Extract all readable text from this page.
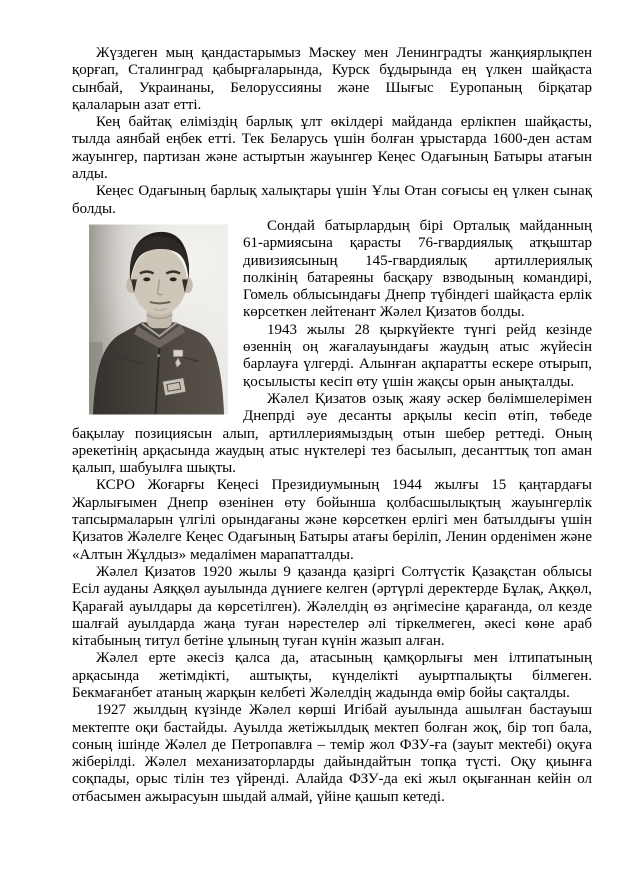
Жүздеген мың қандастарымыз Мәскеу мен Ленинградты жанқиярлықпен қорғап, Сталинград қабырғаларында, Курск бұдырында ең үлкен шайқаста сынбай, Украинаны, Белоруссияны және Шығыс Еуропаның бірқатар қалаларын азат етті.

Кең байтақ еліміздің барлық ұлт өкілдері майданда ерлікпен шайқасты, тылда аянбай еңбек етті. Тек Беларусь үшін болған ұрыстарда 1600-ден астам жауынгер, партизан және астыртын жауынгер Кеңес Одағының Батыры атағын алды.

Кеңес Одағының барлық халықтары үшін Ұлы Отан соғысы ең үлкен сынақ болды.

Сондай батырлардың бірі Орталық майданның 61-армиясына қарасты 76-гвардиялық атқыштар дивизиясының 145-гвардиялық артиллериялық полкінің батареяны басқару взводының командирі, Гомель облысындағы Днепр түбіндегі шайқаста ерлік көрсеткен лейтенант Жәлел Қизатов болды.

1943 жылы 28 қыркүйекте түнгі рейд кезінде өзеннің оң жағалауындағы жаудың атыс жүйесін барлауға үлгерді. Алынған ақпаратты ескере отырып, қосылысты кесіп өту үшін жақсы орын анықталды.

Жәлел Қизатов озық жаяу әскер бөлімшелерімен Днепрді әуе десанты арқылы кесіп өтіп, төбеде бақылау позициясын алып, артиллериямыздың отын шебер реттеді. Оның әрекетінің арқасында жаудың атыс нүктелері тез басылып, десанттық топ аман қалып, шабуылға шықты.

КСРО Жоғарғы Кеңесі Президиумының 1944 жылғы 15 қаңтардағы Жарлығымен Днепр өзенінен өту бойынша қолбасшылықтың жауынгерлік тапсырмаларын үлгілі орындағаны және көрсеткен ерлігі мен батылдығы үшін Қизатов Жәлелге Кеңес Одағының Батыры атағы беріліп, Ленин орденімен және «Алтын Жұлдыз» медалімен марапатталды.

Жәлел Қизатов 1920 жылы 9 қазанда қазіргі Солтүстік Қазақстан облысы Есіл ауданы Аяққөл ауылында дүниеге келген (әртүрлі деректерде Бұлақ, Аққөл, Қарағай ауылдары да көрсетілген). Жәлелдің өз әңгімесіне қарағанда, ол кезде шалғай ауылдарда жаңа туған нәрестелер әлі тіркелмеген, әкесі көне араб кітабының титул бетіне ұлының туған күнін жазып алған.

Жәлел ерте әкесіз қалса да, атасының қамқорлығы мен ілтипатының арқасында жетімдікті, аштықты, күнделікті ауыртпалықты білмеген. Бекмағанбет атаның жарқын келбеті Жәлелдің жадында өмір бойы сақталды.

1927 жылдың күзінде Жәлел көрші Игібай ауылында ашылған бастауыш мектепте оқи бастайды. Ауылда жетіжылдық мектеп болған жоқ, бір топ бала, соның ішінде Жәлел де Петропавлға – темір жол ФЗУ-ға (зауыт мектебі) оқуға жіберілді. Жәлел механизаторларды дайындайтын топқа түсті. Оқу қиынға соқпады, орыс тілін тез үйренді. Алайда ФЗУ-да екі жыл оқығаннан кейін ол отбасымен ажырасуын шыдай алмай, үйіне қашып кетеді.
